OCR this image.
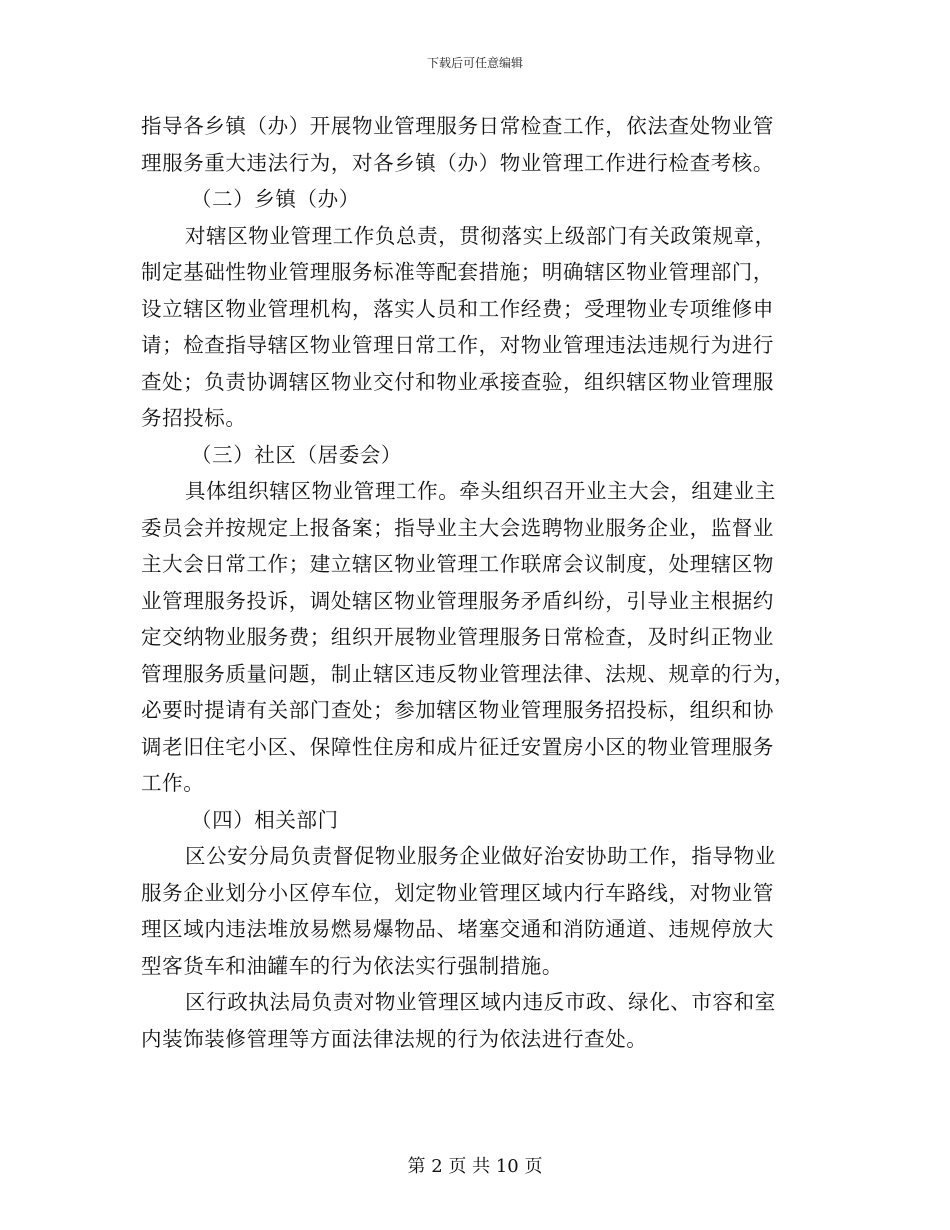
下载后可任意编辑
指导各乡镇（办）开展物业管理服务日常检查工作，依法查处物业管
理服务重大违法行为，对各乡镇（办）物业管理工作进行检查考核。
（二）乡镇（办）
对辖区物业管理工作负总责，贯彻落实上级部门有关政策规章，
制定基础性物业管理服务标准等配套措施；明确辖区物业管理部门，
设立辖区物业管理机构，落实人员和工作经费；受理物业专项维修申
请；检查指导辖区物业管理日常工作，对物业管理违法违规行为进行
查处；负责协调辖区物业交付和物业承接查验，组织辖区物业管理服
务招投标。
（三）社区（居委会）
具体组织辖区物业管理工作。牵头组织召开业主大会，组建业主
委员会并按规定上报备案；指导业主大会选聘物业服务企业，监督业
主大会日常工作；建立辖区物业管理工作联席会议制度，处理辖区物
业管理服务投诉，调处辖区物业管理服务矛盾纠纷，引导业主根据约
定交纳物业服务费；组织开展物业管理服务日常检查，及时纠正物业
管理服务质量问题，制止辖区违反物业管理法律、法规、规章的行为，
必要时提请有关部门查处；参加辖区物业管理服务招投标，组织和协
调老旧住宅小区、保障性住房和成片征迁安置房小区的物业管理服务
工作。
（四）相关部门
区公安分局负责督促物业服务企业做好治安协助工作，指导物业
服务企业划分小区停车位，划定物业管理区域内行车路线，对物业管
理区域内违法堆放易燃易爆物品、堵塞交通和消防通道、违规停放大
型客货车和油罐车的行为依法实行强制措施。
区行政执法局负责对物业管理区域内违反市政、绿化、市容和室
内装饰装修管理等方面法律法规的行为依法进行查处。
第 2 页 共 10 页
